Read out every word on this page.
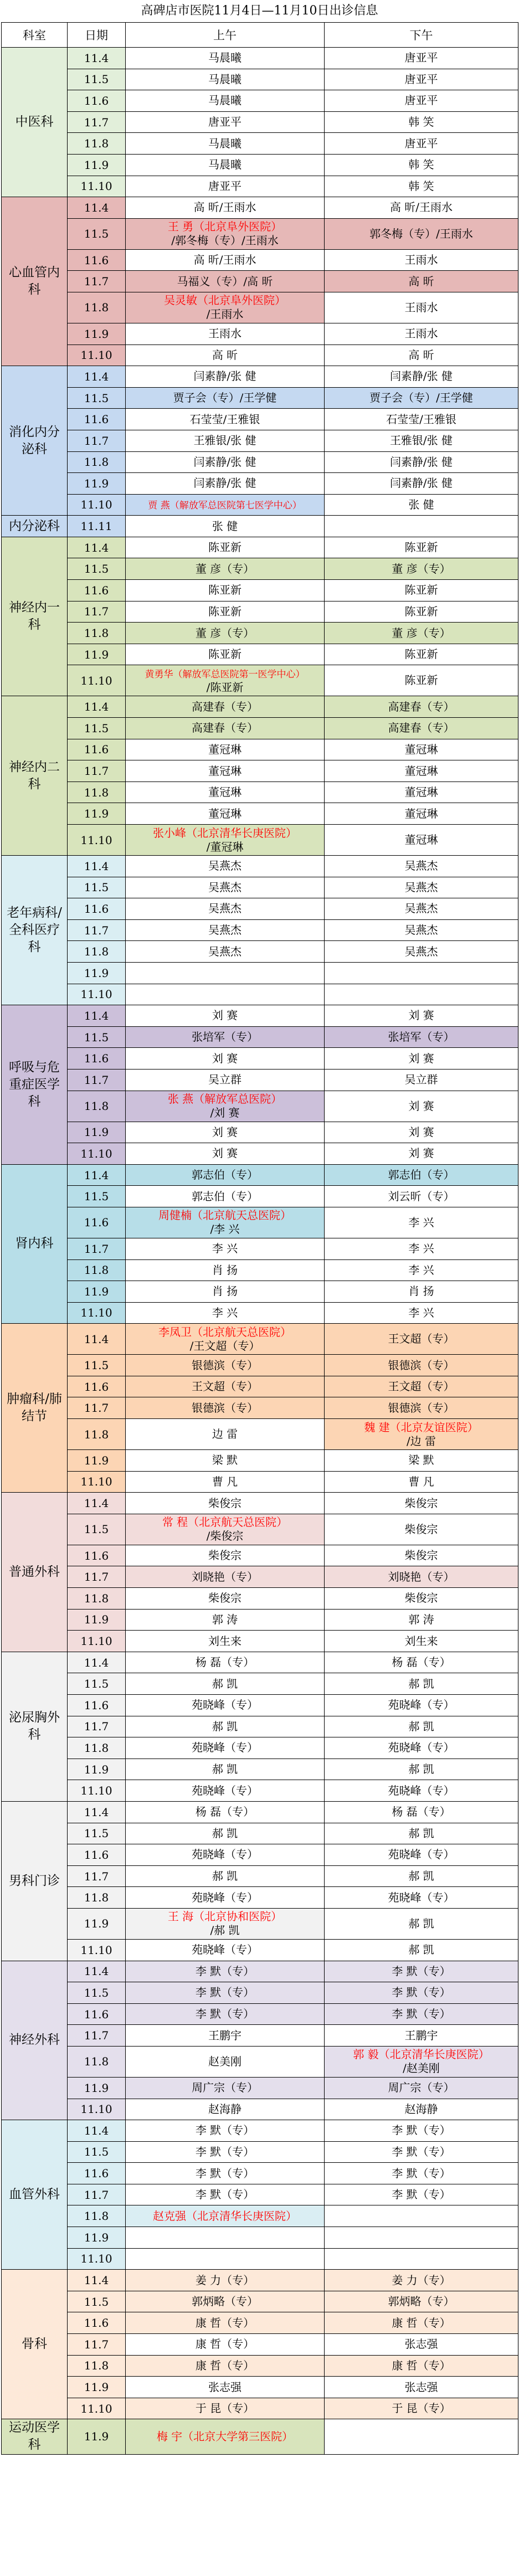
高碑店市医院11月4日—11月10日出诊信息
科室	日期	上午	下午
中医科	11.4	马晨曦	唐亚平
	11.5	马晨曦	唐亚平
	11.6	马晨曦	唐亚平
	11.7	唐亚平	韩 笑
	11.8	马晨曦	唐亚平
	11.9	马晨曦	韩 笑
	11.10	唐亚平	韩 笑
心血管内科	11.4	高 昕/王雨水	高 昕/王雨水
	11.5	王 勇（北京阜外医院）
/郭冬梅（专）/王雨水	郭冬梅（专）/王雨水
	11.6	高 昕/王雨水	王雨水
	11.7	马福义（专）/高 昕	高 昕
	11.8	吴灵敏（北京阜外医院）
/王雨水	王雨水
	11.9	王雨水	王雨水
	11.10	高 昕	高 昕
消化内分泌科	11.4	闫素静/张 健	闫素静/张 健
	11.5	贾子会（专）/王学健	贾子会（专）/王学健
	11.6	石莹莹/王雅银	石莹莹/王雅银
	11.7	王雅银/张 健	王雅银/张 健
	11.8	闫素静/张 健	闫素静/张 健
	11.9	闫素静/张 健	闫素静/张 健
	11.10	贾 燕（解放军总医院第七医学中心）	张 健
内分泌科	11.11	张 健	
神经内一科	11.4	陈亚新	陈亚新
	11.5	董 彦（专）	董 彦（专）
	11.6	陈亚新	陈亚新
	11.7	陈亚新	陈亚新
	11.8	董 彦（专）	董 彦（专）
	11.9	陈亚新	陈亚新
	11.10	黄勇华（解放军总医院第一医学中心）
/陈亚新	陈亚新
神经内二科	11.4	高建春（专）	高建春（专）
	11.5	高建春（专）	高建春（专）
	11.6	董冠琳	董冠琳
	11.7	董冠琳	董冠琳
	11.8	董冠琳	董冠琳
	11.9	董冠琳	董冠琳
	11.10	张小峰（北京清华长庚医院）
/董冠琳	董冠琳
老年病科/全科医疗科	11.4	吴燕杰	吴燕杰
	11.5	吴燕杰	吴燕杰
	11.6	吴燕杰	吴燕杰
	11.7	吴燕杰	吴燕杰
	11.8	吴燕杰	吴燕杰
	11.9		
	11.10		
呼吸与危重症医学科	11.4	刘 赛	刘 赛
	11.5	张培军（专）	张培军（专）
	11.6	刘 赛	刘 赛
	11.7	吴立群	吴立群
	11.8	张 燕（解放军总医院）
/刘 赛	刘 赛
	11.9	刘 赛	刘 赛
	11.10	刘 赛	刘 赛
肾内科	11.4	郭志伯（专）	郭志伯（专）
	11.5	郭志伯（专）	刘云昕（专）
	11.6	周健楠（北京航天总医院）
/李 兴	李 兴
	11.7	李 兴	李 兴
	11.8	肖 扬	李 兴
	11.9	肖 扬	肖 扬
	11.10	李 兴	李 兴
肿瘤科/肺结节	11.4	李凤卫（北京航天总医院）
/王文超（专）	王文超（专）
	11.5	银德滨（专）	银德滨（专）
	11.6	王文超（专）	王文超（专）
	11.7	银德滨（专）	银德滨（专）
	11.8	边 雷	魏 建（北京友谊医院）
/边 雷
	11.9	梁 默	梁 默
	11.10	曹 凡	曹 凡
普通外科	11.4	柴俊宗	柴俊宗
	11.5	常 程（北京航天总医院）
/柴俊宗	柴俊宗
	11.6	柴俊宗	柴俊宗
	11.7	刘晓艳（专）	刘晓艳（专）
	11.8	柴俊宗	柴俊宗
	11.9	郭 涛	郭 涛
	11.10	刘生来	刘生来
泌尿胸外科	11.4	杨 磊（专）	杨 磊（专）
	11.5	郝 凯	郝 凯
	11.6	苑晓峰（专）	苑晓峰（专）
	11.7	郝 凯	郝 凯
	11.8	苑晓峰（专）	苑晓峰（专）
	11.9	郝 凯	郝 凯
	11.10	苑晓峰（专）	苑晓峰（专）
男科门诊	11.4	杨 磊（专）	杨 磊（专）
	11.5	郝 凯	郝 凯
	11.6	苑晓峰（专）	苑晓峰（专）
	11.7	郝 凯	郝 凯
	11.8	苑晓峰（专）	苑晓峰（专）
	11.9	王 海（北京协和医院）
/郝 凯	郝 凯
	11.10	苑晓峰（专）	郝 凯
神经外科	11.4	李 默（专）	李 默（专）
	11.5	李 默（专）	李 默（专）
	11.6	李 默（专）	李 默（专）
	11.7	王鹏宇	王鹏宇
	11.8	赵美刚	郭 毅（北京清华长庚医院）
/赵美刚
	11.9	周广宗（专）	周广宗（专）
	11.10	赵海静	赵海静
血管外科	11.4	李 默（专）	李 默（专）
	11.5	李 默（专）	李 默（专）
	11.6	李 默（专）	李 默（专）
	11.7	李 默（专）	李 默（专）
	11.8	赵克强（北京清华长庚医院）	
	11.9		
	11.10		
骨科	11.4	姜 力（专）	姜 力（专）
	11.5	郭炳略（专）	郭炳略（专）
	11.6	康 哲（专）	康 哲（专）
	11.7	康 哲（专）	张志强
	11.8	康 哲（专）	康 哲（专）
	11.9	张志强	张志强
	11.10	于 昆（专）	于 昆（专）
运动医学科	11.9	梅 宇（北京大学第三医院）	
